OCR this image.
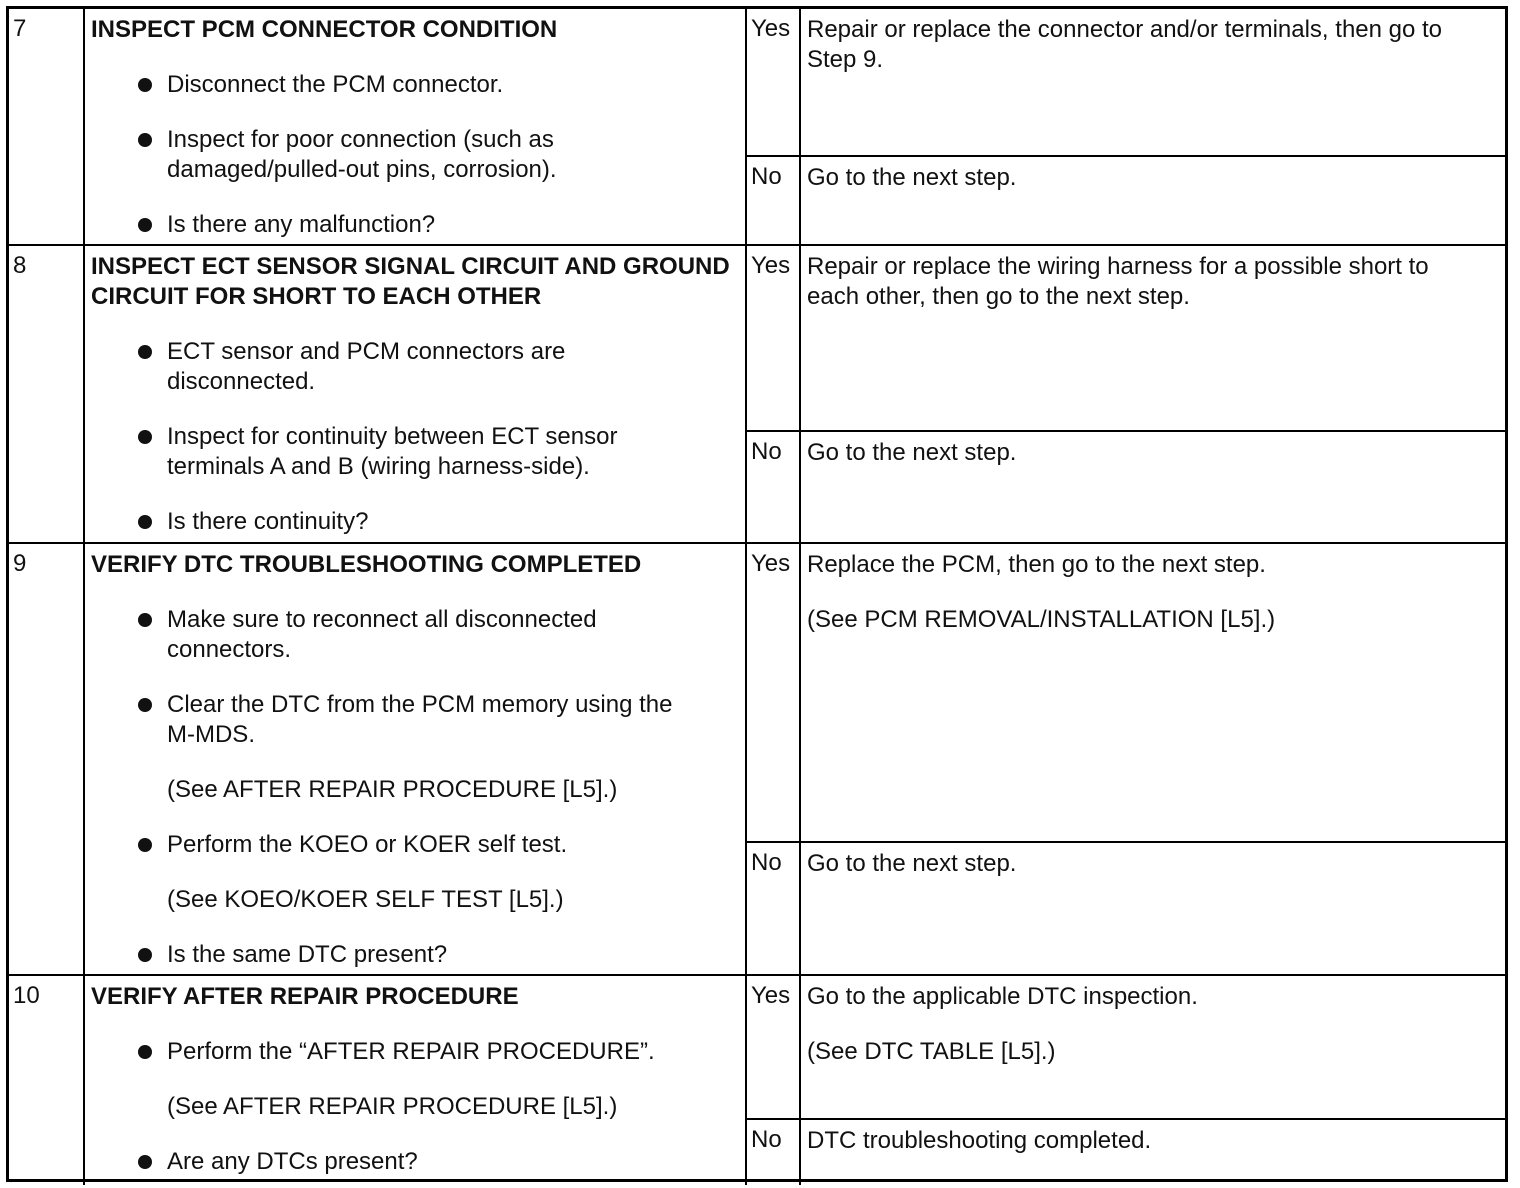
7	INSPECT PCM CONNECTOR CONDITION
Disconnect the PCM connector.
Inspect for poor connection (such as damaged/pulled-out pins, corrosion).
Is there any malfunction?
Yes Repair or replace the connector and/or terminals, then go to Step 9.
No	Go to the next step.
8	INSPECT ECT SENSOR SIGNAL CIRCUIT AND GROUND CIRCUIT FOR SHORT TO EACH OTHER
ECT sensor and PCM connectors are disconnected.
Inspect for continuity between ECT sensor terminals A and B (wiring harness-side).
Is there continuity?
Yes Repair or replace the wiring harness for a possible short to each other, then go to the next step.
No	Go to the next step.
9	VERIFY DTC TROUBLESHOOTING COMPLETED
Make sure to reconnect all disconnected connectors.
Clear the DTC from the PCM memory using the M-MDS.
(See AFTER REPAIR PROCEDURE [L5].)
Perform the KOEO or KOER self test.
(See KOEO/KOER SELF TEST [L5].)
Is the same DTC present?
Yes Replace the PCM, then go to the next step.
(See PCM REMOVAL/INSTALLATION [L5].)
No	Go to the next step.
10	VERIFY AFTER REPAIR PROCEDURE
Perform the “AFTER REPAIR PROCEDURE”.
(See AFTER REPAIR PROCEDURE [L5].)
Are any DTCs present?
Yes Go to the applicable DTC inspection.
(See DTC TABLE [L5].)
No	DTC troubleshooting completed.
